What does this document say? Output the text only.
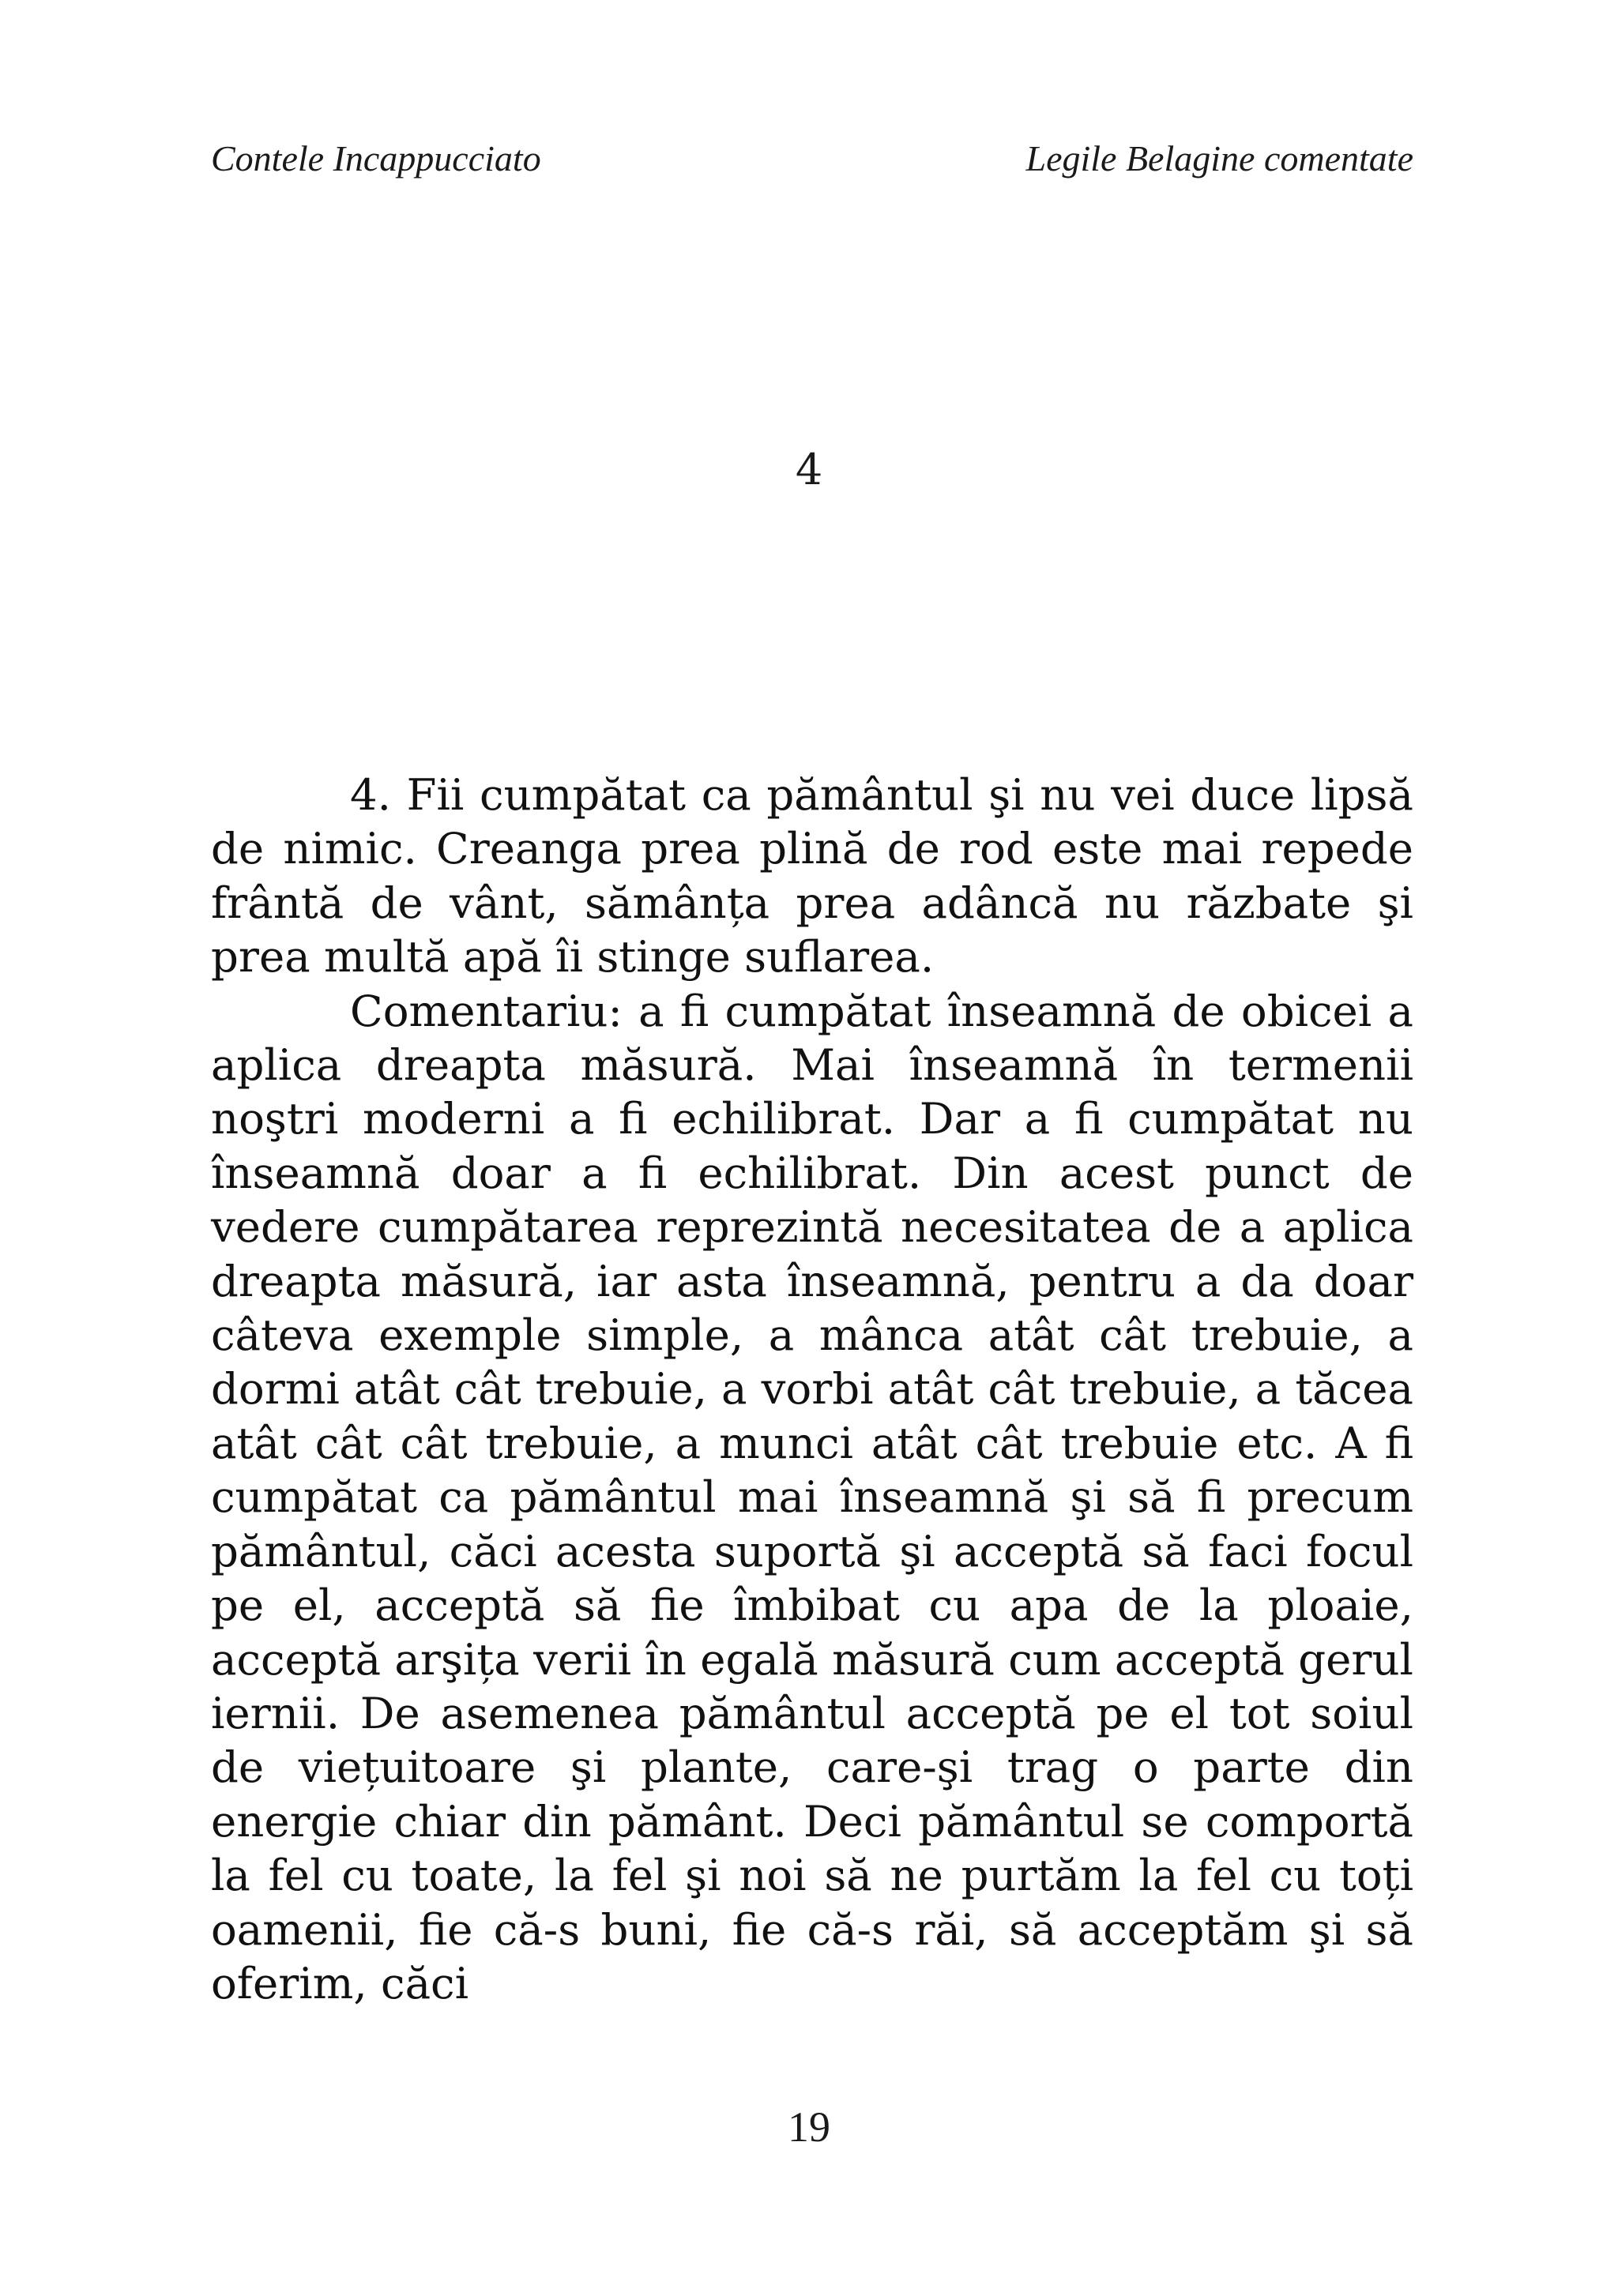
Contele Incappucciato	Legile Belagine comentate
4

4. Fii cumpătat ca pământul şi nu vei duce lipsă de nimic. Creanga prea plină de rod este mai repede frântă de vânt, sămânța prea adâncă nu răzbate şi prea multă apă îi stinge suflarea.

Comentariu: a fi cumpătat înseamnă de obicei a aplica dreapta măsură. Mai înseamnă în termenii noştri moderni a fi echilibrat. Dar a fi cumpătat nu înseamnă doar a fi echilibrat. Din acest punct de vedere cumpătarea reprezintă necesitatea de a aplica dreapta măsură, iar asta înseamnă, pentru a da doar câteva exemple simple, a mânca atât cât trebuie, a dormi atât cât trebuie, a vorbi atât cât trebuie, a tăcea atât cât cât trebuie, a munci atât cât trebuie etc. A fi cumpătat ca pământul mai înseamnă şi să fi precum pământul, căci acesta suportă şi acceptă să faci focul pe el, acceptă să fie îmbibat cu apa de la ploaie, acceptă arşița verii în egală măsură cum acceptă gerul iernii. De asemenea pământul acceptă pe el tot soiul de viețuitoare şi plante, care-şi trag o parte din energie chiar din pământ. Deci pământul se comportă la fel cu toate, la fel şi noi să ne purtăm la fel cu toți oamenii, fie că-s buni, fie că-s răi, să acceptăm şi să oferim, căci

19
